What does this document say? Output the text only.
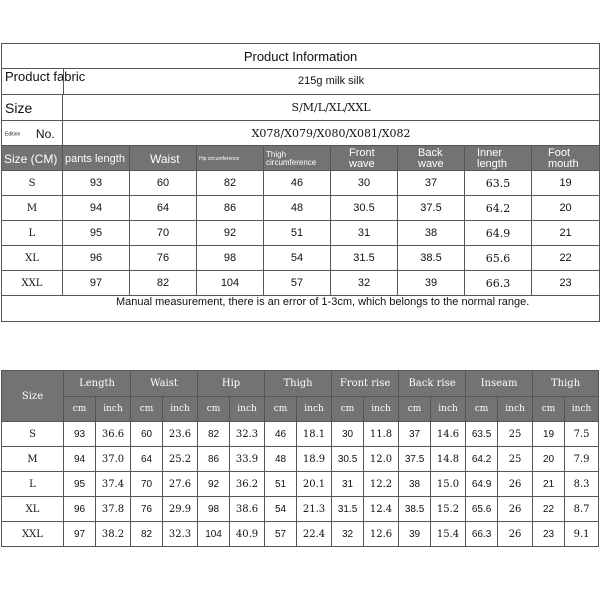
Product Information								

Product fabric 215g milk silk								

Size	S/M/L/XL/XXL							
Edition No.	X078/X079/X080/X081/X082							
Size (CM)	pants length	Waist	Hip circumference	Thigh circumference	Front wave	Back wave	Inner length	Foot mouth
S	93	60	82	46	30	37	63.5	19
M	94	64	86	48	30.5	37.5	64.2	20
L	95	70	92	51	31	38	64.9	21
XL	96	76	98	54	31.5	38.5	65.6	22
XXL	97	82	104	57	32	39	66.3	23
Manual measurement, there is an error of 1-3cm, which belongs to the normal range.								
Size	Length		Waist		Hip		Thigh		Front rise		Back rise		Inseam		Thigh	
	cm	inch	cm	inch	cm	inch	cm	inch	cm	inch	cm	inch	cm	inch	cm	inch
S	93	36.6	60	23.6	82	32.3	46	18.1	30	11.8	37	14.6	63.5	25	19	7.5
M	94	37.0	64	25.2	86	33.9	48	18.9	30.5	12.0	37.5	14.8	64.2	25	20	7.9
L	95	37.4	70	27.6	92	36.2	51	20.1	31	12.2	38	15.0	64.9	26	21	8.3
XL	96	37.8	76	29.9	98	38.6	54	21.3	31.5	12.4	38.5	15.2	65.6	26	22	8.7
XXL	97	38.2	82	32.3	104	40.9	57	22.4	32	12.6	39	15.4	66.3	26	23	9.1
